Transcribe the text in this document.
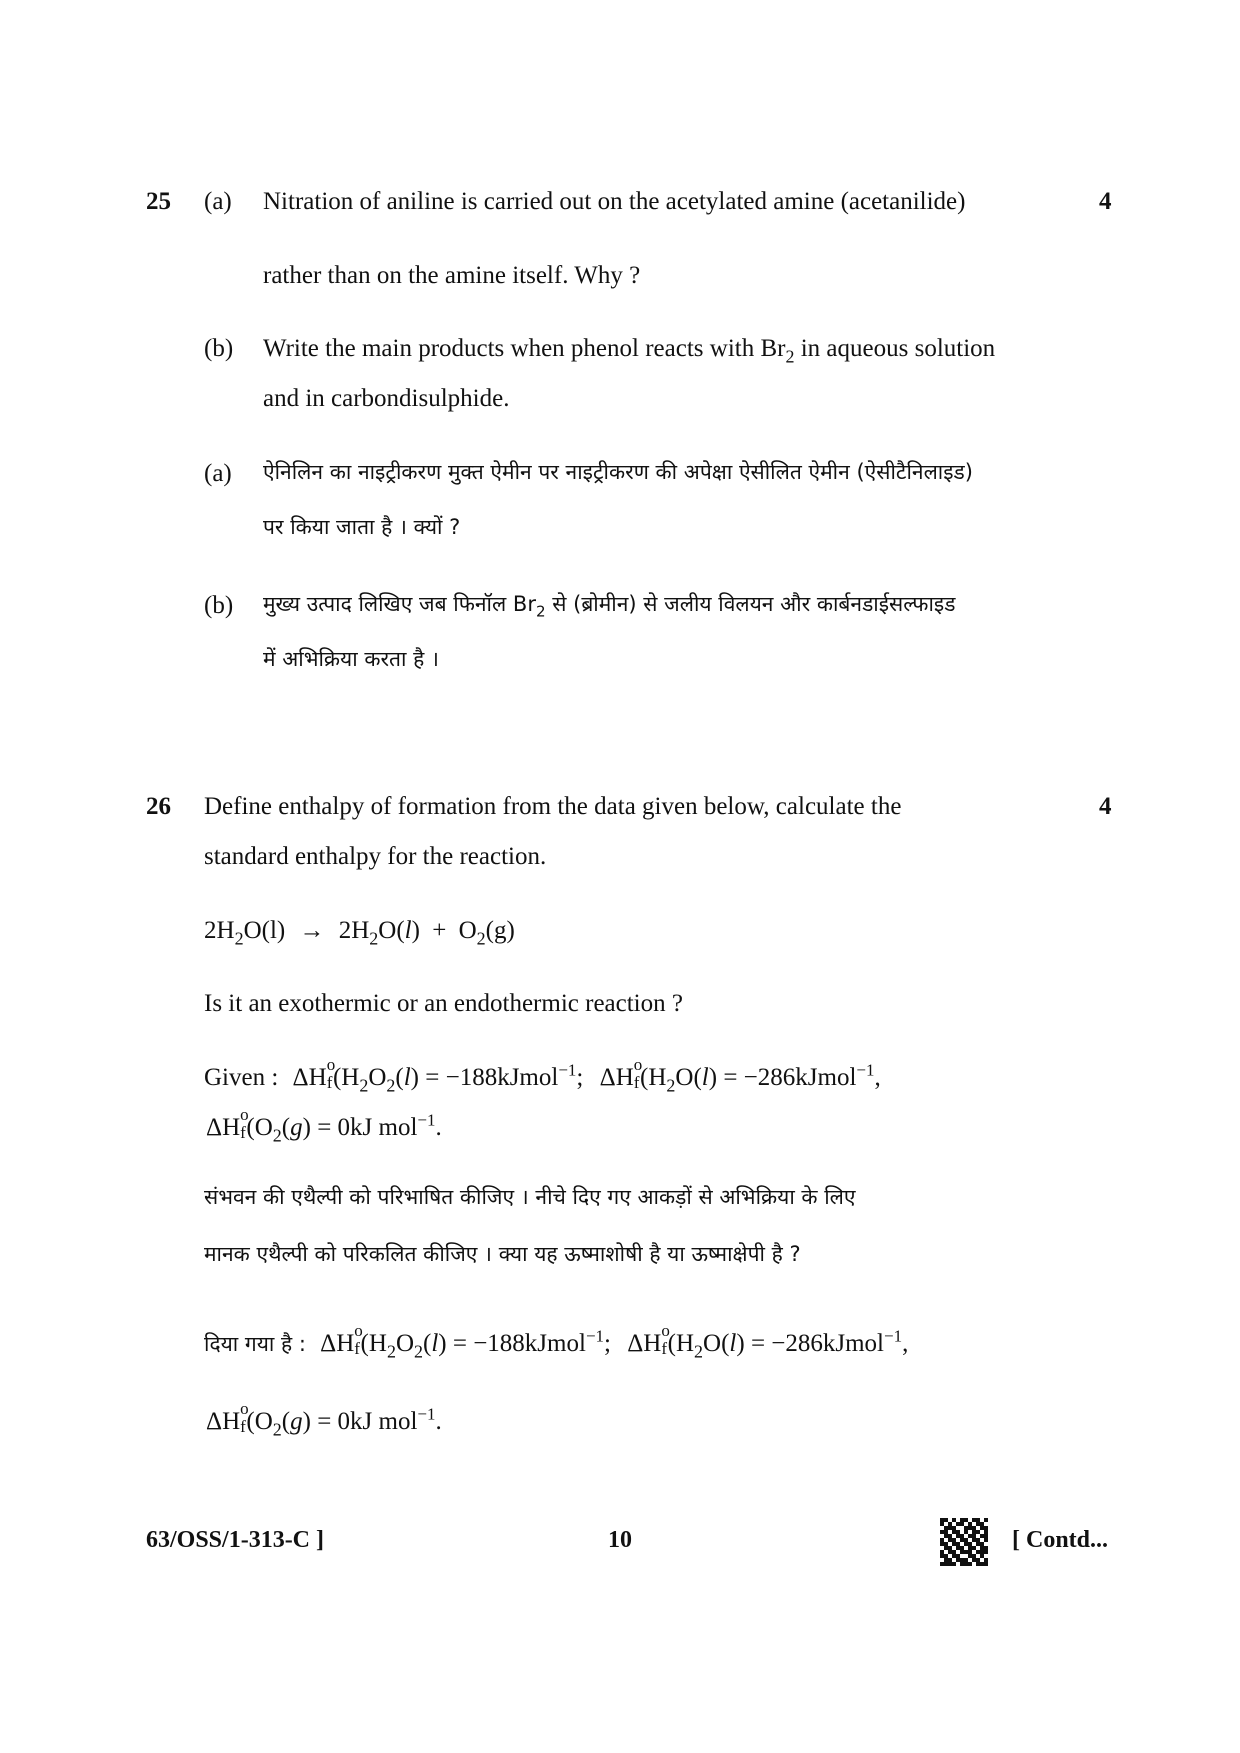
25 (a) Nitration of aniline is carried out on the acetylated amine (acetanilide)	4
rather than on the amine itself. Why ?
(b) Write the main products when phenol reacts with $Br_2$ in aqueous solution
and in carbondisulphide.
(a) ऐनिलिन का नाइट्रीकरण मुक्त ऐमीन पर नाइट्रीकरण की अपेक्षा ऐसीलित ऐमीन (ऐसीटैनिलाइड)
पर किया जाता है । क्यों ?
(b) मुख्य उत्पाद लिखिए जब फिनॉल $Br_2$ से (ब्रोमीन) से जलीय विलयन और कार्बनडाईसल्फाइड
में अभिक्रिया करता है ।
26 Define enthalpy of formation from the data given below, calculate the	4
standard enthalpy for the reaction.
$2H_2O(l) \to 2H_2O(l) + O_2(g)$
Is it an exothermic or an endothermic reaction ?
Given : ΔH o
f ($H_2O_2(l)$ = −188kJmol$^{-1}$; ΔH o
f ($H_2O(l)$ = −286kJmol$^{-1}$,
ΔH o
f ($O_2(g) = 0kJ$ mol$^{-1}$.
संभवन की एथैल्पी को परिभाषित कीजिए । नीचे दिए गए आकड़ों से अभिक्रिया के लिए
मानक एथैल्पी को परिकलित कीजिए । क्या यह ऊष्माशोषी है या ऊष्माक्षेपी है ?
दिया गया है : ΔH o
f ($H_2O_2(l)$ = −188kJmol$^{-1}$; ΔH o
f ($H_2O(l)$ = −286kJmol$^{-1}$,
ΔH o
f ($O_2(g) = 0kJ$ mol$^{-1}$.
63/OSS/1-313-C ]	10	[ Contd...
